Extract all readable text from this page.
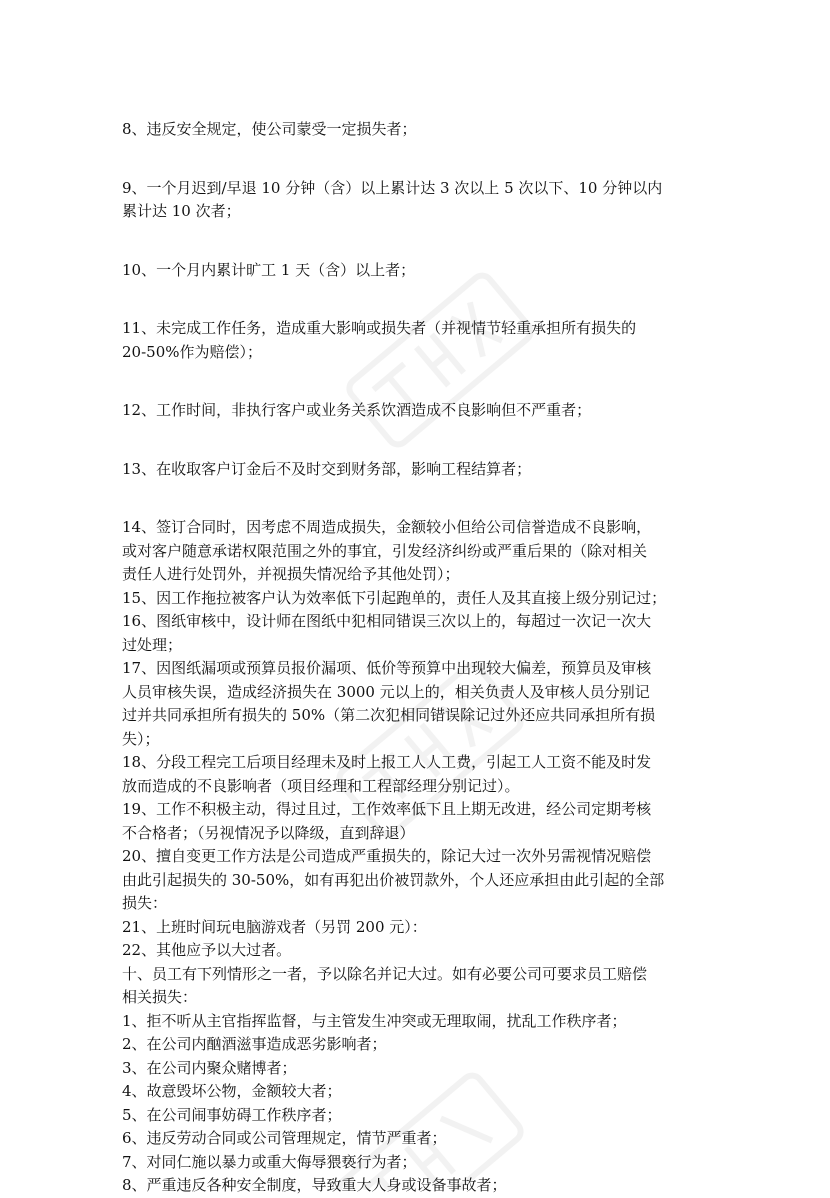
8、违反安全规定，使公司蒙受一定损失者；

9、一个月迟到/早退 10 分钟（含）以上累计达 3 次以上 5 次以下、10 分钟以内
累计达 10 次者；

10、一个月内累计旷工 1 天（含）以上者；

11、未完成工作任务，造成重大影响或损失者（并视情节轻重承担所有损失的
20-50%作为赔偿）；

12、工作时间，非执行客户或业务关系饮酒造成不良影响但不严重者；

13、在收取客户订金后不及时交到财务部，影响工程结算者；

14、签订合同时，因考虑不周造成损失，金额较小但给公司信誉造成不良影响，
或对客户随意承诺权限范围之外的事宜，引发经济纠纷或严重后果的（除对相关
责任人进行处罚外，并视损失情况给予其他处罚）；

15、因工作拖拉被客户认为效率低下引起跑单的，责任人及其直接上级分别记过；

16、图纸审核中，设计师在图纸中犯相同错误三次以上的，每超过一次记一次大
过处理；

17、因图纸漏项或预算员报价漏项、低价等预算中出现较大偏差，预算员及审核
人员审核失误，造成经济损失在 3000 元以上的，相关负责人及审核人员分别记
过并共同承担所有损失的 50%（第二次犯相同错误除记过外还应共同承担所有损
失）；

18、分段工程完工后项目经理未及时上报工人人工费，引起工人工资不能及时发
放而造成的不良影响者（项目经理和工程部经理分别记过）。

19、工作不积极主动，得过且过，工作效率低下且上期无改进，经公司定期考核
不合格者；（另视情况予以降级，直到辞退）

20、擅自变更工作方法是公司造成严重损失的，除记大过一次外另需视情况赔偿
由此引起损失的 30-50%，如有再犯出价被罚款外，个人还应承担由此引起的全部
损失：

21、上班时间玩电脑游戏者（另罚 200 元）：

22、其他应予以大过者。

十、员工有下列情形之一者，予以除名并记大过。如有必要公司可要求员工赔偿
相关损失：

1、拒不听从主官指挥监督，与主管发生冲突或无理取闹，扰乱工作秩序者；

2、在公司内酗酒滋事造成恶劣影响者；

3、在公司内聚众赌博者；

4、故意毁坏公物，金额较大者；

5、在公司闹事妨碍工作秩序者；

6、违反劳动合同或公司管理规定，情节严重者；

7、对同仁施以暴力或重大侮辱猥亵行为者；

8、严重违反各种安全制度，导致重大人身或设备事故者；
